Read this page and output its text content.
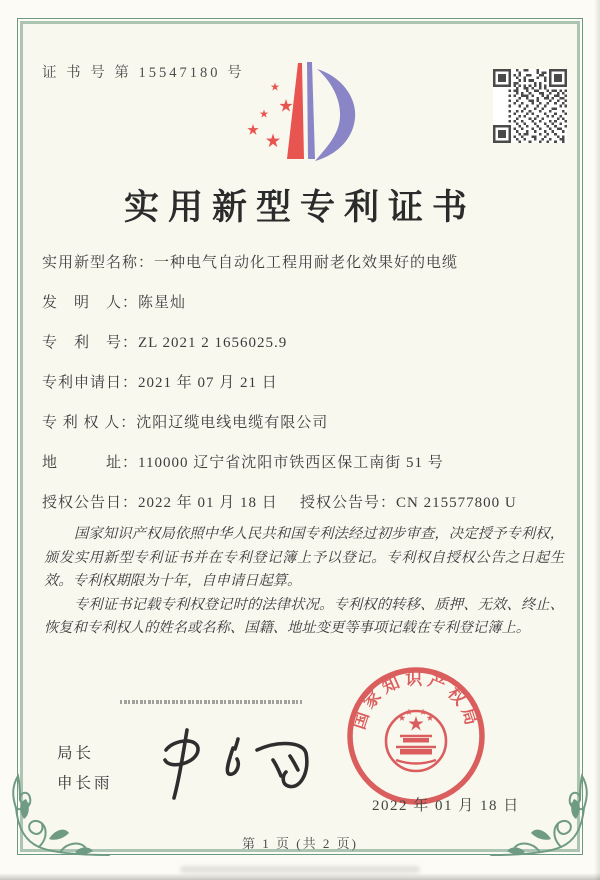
证 书 号 第 15547180 号
实用新型专利证书
实用新型名称：一种电气自动化工程用耐老化效果好的电缆
发　明　人：陈星灿
专　利　号：ZL 2021 2 1656025.9
专利申请日：2021 年 07 月 21 日
专 利 权 人：沈阳辽缆电线电缆有限公司
地　　　址：110000 辽宁省沈阳市铁西区保工南街 51 号
授权公告日：2022 年 01 月 18 日 授权公告号：CN 215577800 U

国家知识产权局依照中华人民共和国专利法经过初步审查，决定授予专利权，颁发实用新型专利证书并在专利登记簿上予以登记。专利权自授权公告之日起生效。专利权期限为十年，自申请日起算。

专利证书记载专利权登记时的法律状况。专利权的转移、质押、无效、终止、恢复和专利权人的姓名或名称、国籍、地址变更等事项记载在专利登记簿上。

局长
申长雨
国家知识产权局
2022 年 01 月 18 日
第 1 页 (共 2 页)
